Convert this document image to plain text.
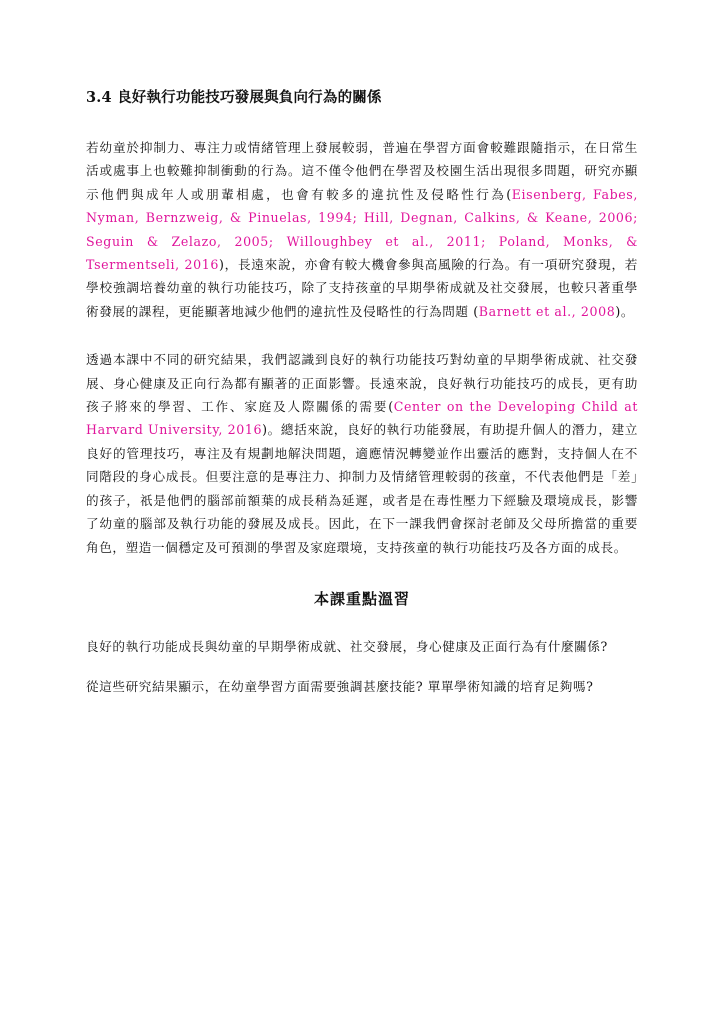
3.4 良好執行功能技巧發展與負向行為的關係

若幼童於抑制力、專注力或情緒管理上發展較弱，普遍在學習方面會較難跟隨指示，在日常生活或處事上也較難抑制衝動的行為。這不僅令他們在學習及校園生活出現很多問題，研究亦顯示他們與成年人或朋輩相處，也會有較多的違抗性及侵略性行為(Eisenberg, Fabes, Nyman, Bernzweig, & Pinuelas, 1994; Hill, Degnan, Calkins, & Keane, 2006; Seguin & Zelazo, 2005; Willoughbey et al., 2011; Poland, Monks, & Tsermentseli, 2016)，長遠來說，亦會有較大機會參與高風險的行為。有一項研究發現，若學校強調培養幼童的執行功能技巧，除了支持孩童的早期學術成就及社交發展，也較只著重學術發展的課程，更能顯著地減少他們的違抗性及侵略性的行為問題 (Barnett et al., 2008)。

透過本課中不同的研究結果，我們認識到良好的執行功能技巧對幼童的早期學術成就、社交發展、身心健康及正向行為都有顯著的正面影響。長遠來說，良好執行功能技巧的成長，更有助孩子將來的學習、工作、家庭及人際關係的需要(Center on the Developing Child at Harvard University, 2016)。總括來說，良好的執行功能發展，有助提升個人的潛力，建立良好的管理技巧，專注及有規劃地解決問題，適應情況轉變並作出靈活的應對，支持個人在不同階段的身心成長。但要注意的是專注力、抑制力及情緒管理較弱的孩童，不代表他們是「差」的孩子，祇是他們的腦部前額葉的成長稍為延遲，或者是在毒性壓力下經驗及環境成長，影響了幼童的腦部及執行功能的發展及成長。因此，在下一課我們會探討老師及父母所擔當的重要角色，塑造一個穩定及可預測的學習及家庭環境，支持孩童的執行功能技巧及各方面的成長。

本課重點溫習

良好的執行功能成長與幼童的早期學術成就、社交發展，身心健康及正面行為有什麼關係?

從這些研究結果顯示，在幼童學習方面需要強調甚麼技能? 單單學術知識的培育足夠嗎?
